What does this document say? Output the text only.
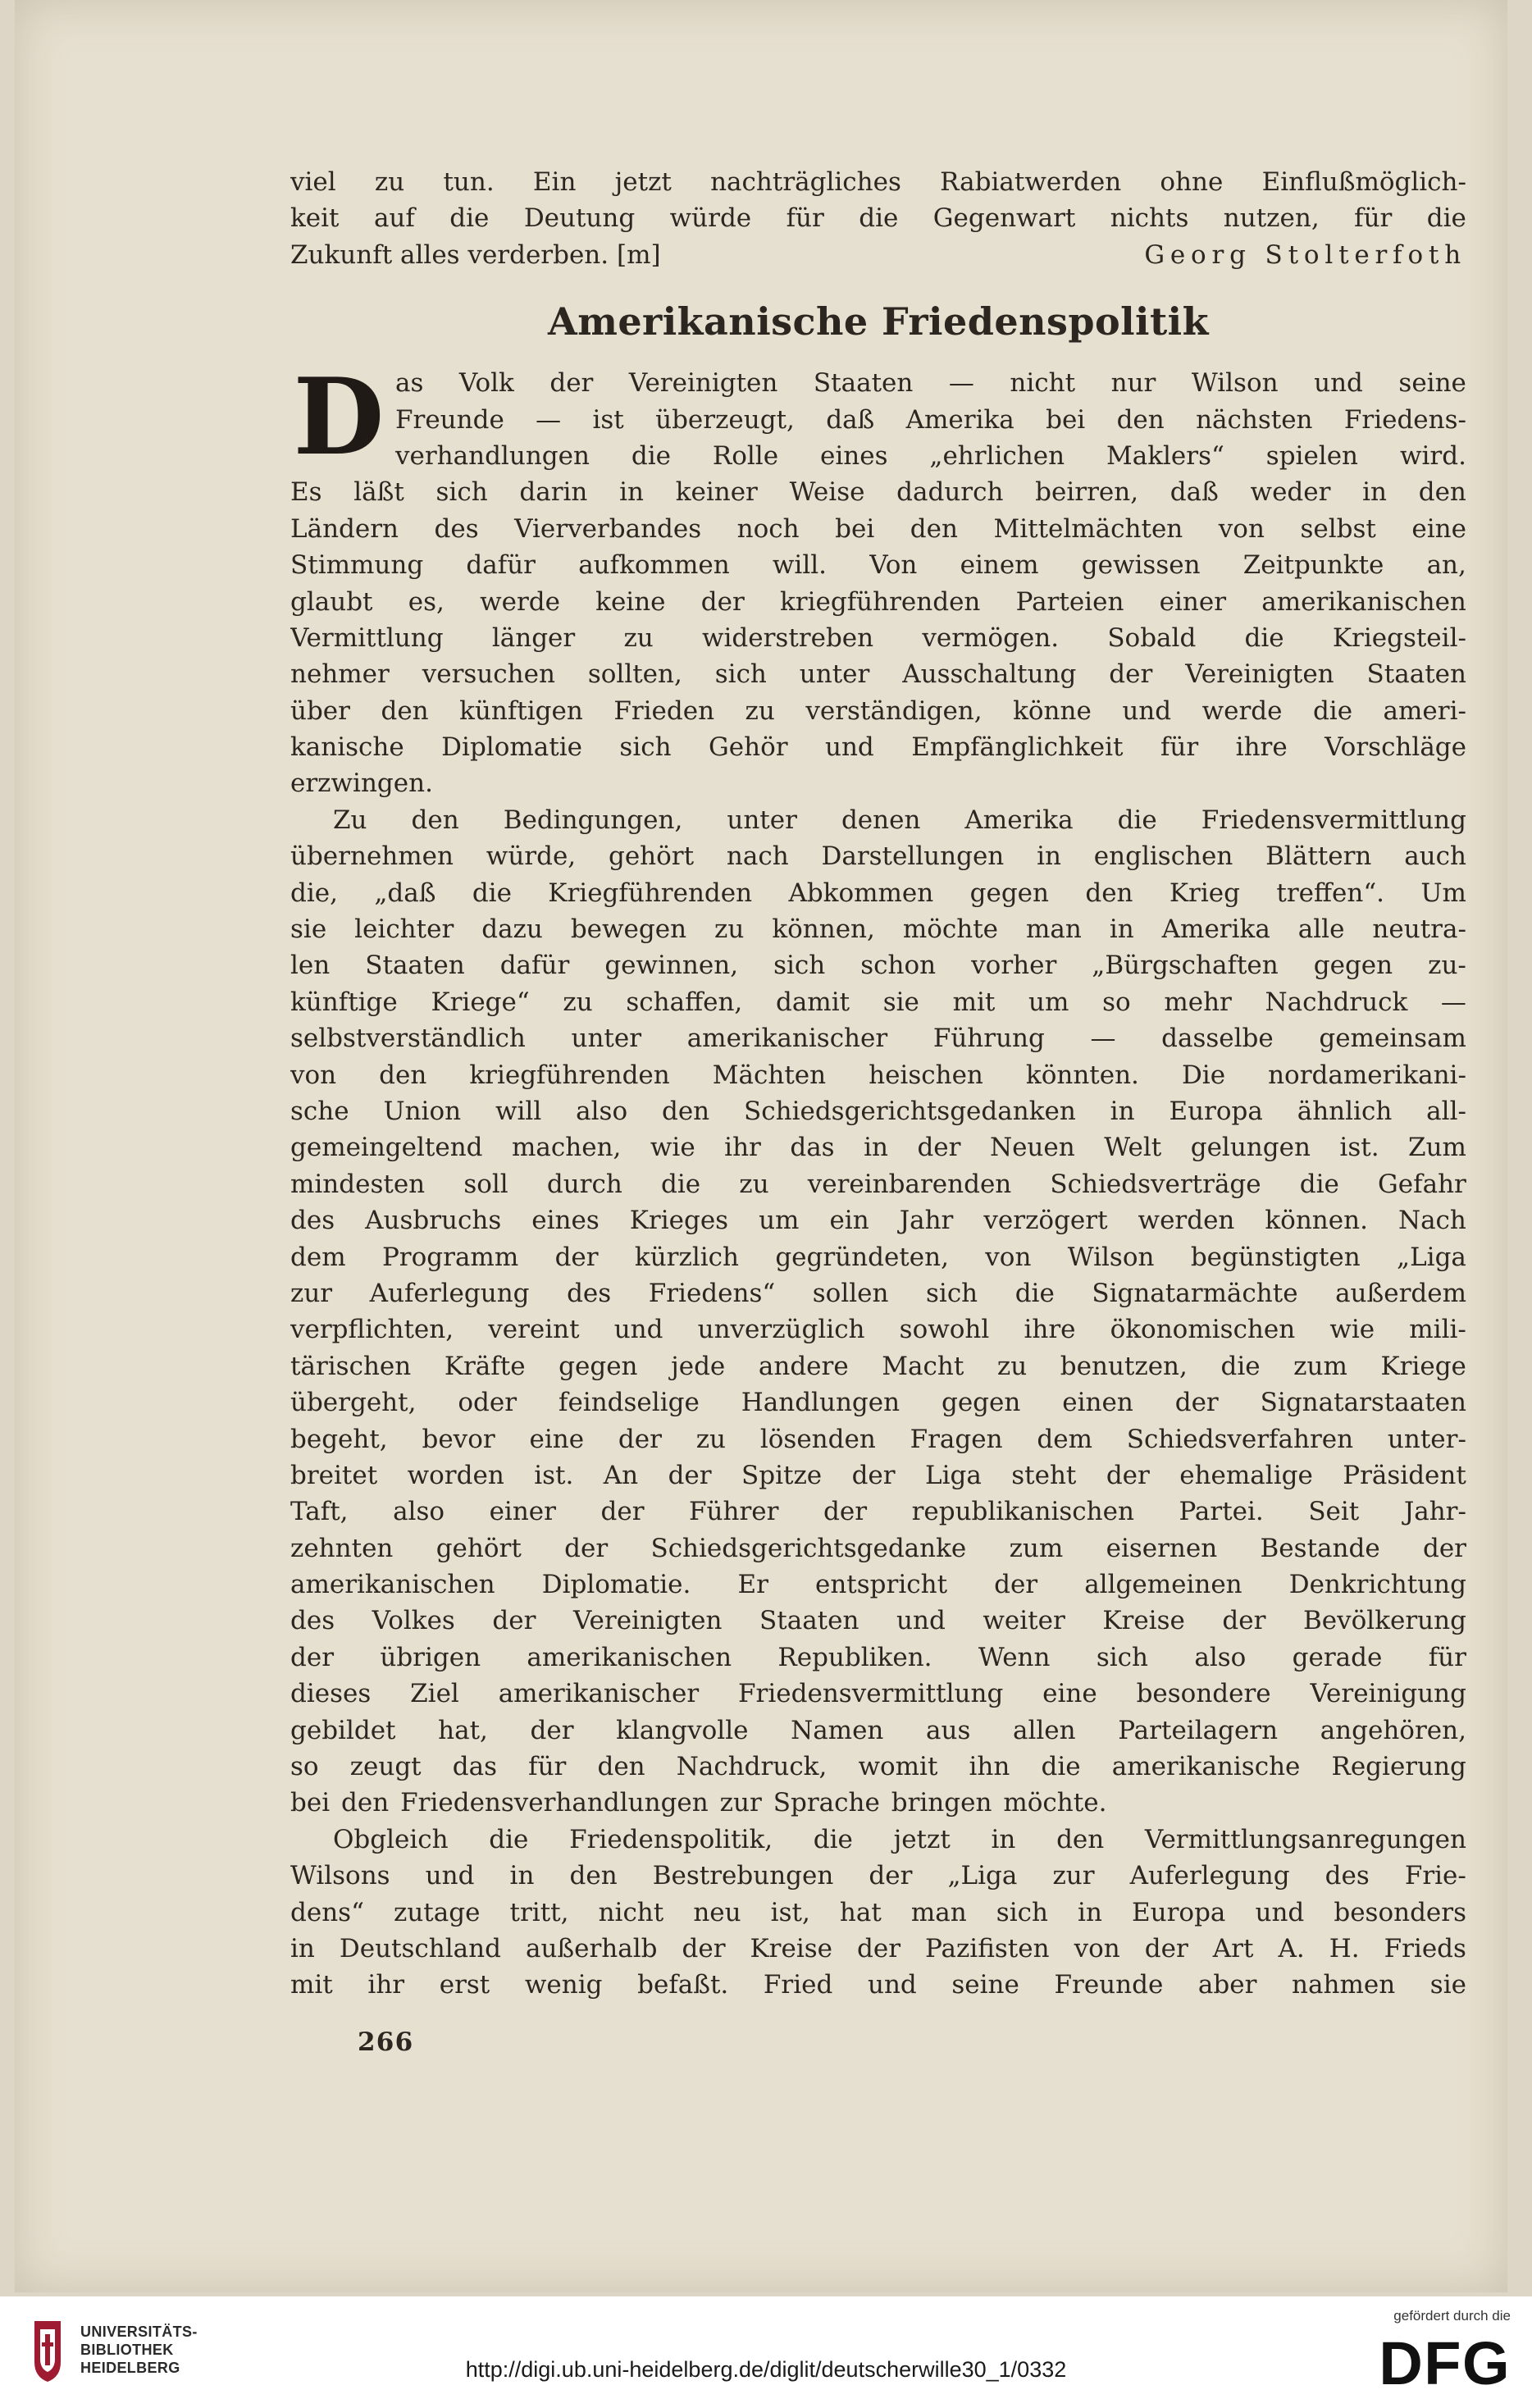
viel zu tun. Ein jetzt nachträgliches Rabiatwerden ohne Einflußmöglich-
keit auf die Deutung würde für die Gegenwart nichts nutzen, für die
Zukunft alles verderben. [m]	Georg Stolterfoth
Amerikanische Friedenspolitik
D as Volk der Vereinigten Staaten — nicht nur Wilson und seine
Freunde — ist überzeugt, daß Amerika bei den nächsten Friedens-
verhandlungen die Rolle eines „ehrlichen Maklers“ spielen wird.
Es läßt sich darin in keiner Weise dadurch beirren, daß weder in den
Ländern des Vierverbandes noch bei den Mittelmächten von selbst eine
Stimmung dafür aufkommen will. Von einem gewissen Zeitpunkte an,
glaubt es, werde keine der kriegführenden Parteien einer amerikanischen
Vermittlung länger zu widerstreben vermögen. Sobald die Kriegsteil-
nehmer versuchen sollten, sich unter Ausschaltung der Vereinigten Staaten
über den künftigen Frieden zu verständigen, könne und werde die ameri-
kanische Diplomatie sich Gehör und Empfänglichkeit für ihre Vorschläge
erzwingen.
Zu den Bedingungen, unter denen Amerika die Friedensvermittlung
übernehmen würde, gehört nach Darstellungen in englischen Blättern auch
die, „daß die Kriegführenden Abkommen gegen den Krieg treffen“. Um
sie leichter dazu bewegen zu können, möchte man in Amerika alle neutra-
len Staaten dafür gewinnen, sich schon vorher „Bürgschaften gegen zu-
künftige Kriege“ zu schaffen, damit sie mit um so mehr Nachdruck —
selbstverständlich unter amerikanischer Führung — dasselbe gemeinsam
von den kriegführenden Mächten heischen könnten. Die nordamerikani-
sche Union will also den Schiedsgerichtsgedanken in Europa ähnlich all-
gemeingeltend machen, wie ihr das in der Neuen Welt gelungen ist. Zum
mindesten soll durch die zu vereinbarenden Schiedsverträge die Gefahr
des Ausbruchs eines Krieges um ein Jahr verzögert werden können. Nach
dem Programm der kürzlich gegründeten, von Wilson begünstigten „Liga
zur Auferlegung des Friedens“ sollen sich die Signatarmächte außerdem
verpflichten, vereint und unverzüglich sowohl ihre ökonomischen wie mili-
tärischen Kräfte gegen jede andere Macht zu benutzen, die zum Kriege
übergeht, oder feindselige Handlungen gegen einen der Signatarstaaten
begeht, bevor eine der zu lösenden Fragen dem Schiedsverfahren unter-
breitet worden ist. An der Spitze der Liga steht der ehemalige Präsident
Taft, also einer der Führer der republikanischen Partei. Seit Jahr-
zehnten gehört der Schiedsgerichtsgedanke zum eisernen Bestande der
amerikanischen Diplomatie. Er entspricht der allgemeinen Denkrichtung
des Volkes der Vereinigten Staaten und weiter Kreise der Bevölkerung
der übrigen amerikanischen Republiken. Wenn sich also gerade für
dieses Ziel amerikanischer Friedensvermittlung eine besondere Vereinigung
gebildet hat, der klangvolle Namen aus allen Parteilagern angehören,
so zeugt das für den Nachdruck, womit ihn die amerikanische Regierung
bei den Friedensverhandlungen zur Sprache bringen möchte.
Obgleich die Friedenspolitik, die jetzt in den Vermittlungsanregungen
Wilsons und in den Bestrebungen der „Liga zur Auferlegung des Frie-
dens“ zutage tritt, nicht neu ist, hat man sich in Europa und besonders
in Deutschland außerhalb der Kreise der Pazifisten von der Art A. H. Frieds
mit ihr erst wenig befaßt. Fried und seine Freunde aber nahmen sie
266
UNIVERSITÄTS-
BIBLIOTHEK
HEIDELBERG	http://digi.ub.uni-heidelberg.de/diglit/deutscherwille30_1/0332
gefördert durch die
DFG
